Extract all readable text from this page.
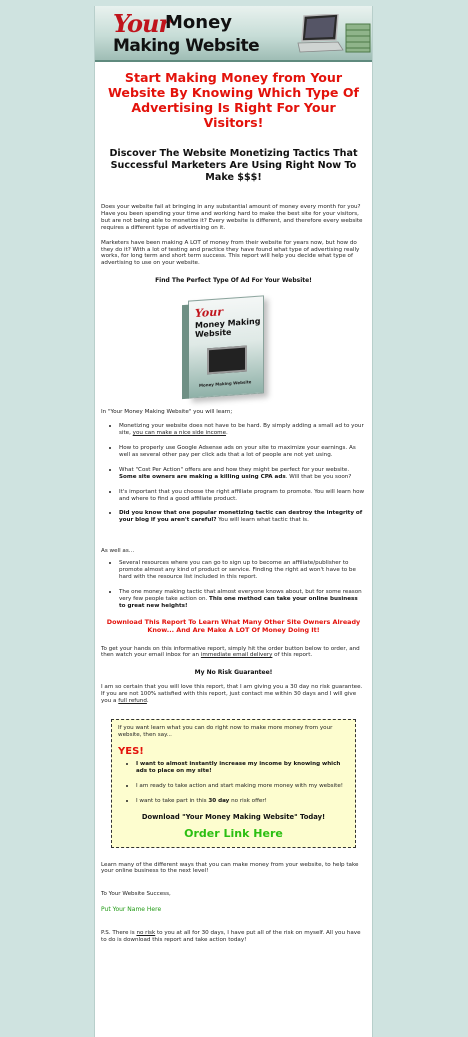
Your
Money
Making Website
Start Making Money from Your Website By Knowing Which Type Of Advertising Is Right For Your Visitors!
Discover The Website Monetizing Tactics That Successful Marketers Are Using Right Now To Make $$$!

Does your website fail at bringing in any substantial amount of money every month for you? Have you been spending your time and working hard to make the best site for your visitors, but are not being able to monetize it? Every website is different, and therefore every website requires a different type of advertising on it.

Marketers have been making A LOT of money from their website for years now, but how do they do it? With a lot of testing and practice they have found what type of advertising really works, for long term and short term success. This report will help you decide what type of advertising to use on your website.

Find The Perfect Type Of Ad For Your Website!
Your
Money Making Website
Money Making Website

In "Your Money Making Website" you will learn;

• Monetizing your website does not have to be hard. By simply adding a small ad to your site, you can make a nice side income.
• How to properly use Google Adsense ads on your site to maximize your earnings. As well as several other pay per click ads that a lot of people are not yet using.
• What "Cost Per Action" offers are and how they might be perfect for your website. Some site owners are making a killing using CPA ads. Will that be you soon?
• It's important that you choose the right affiliate program to promote. You will learn how and where to find a good affiliate product.
• Did you know that one popular monetizing tactic can destroy the integrity of your blog if you aren't careful? You will learn what tactic that is.

As well as...

• Several resources where you can go to sign up to become an affiliate/publisher to promote almost any kind of product or service. Finding the right ad won't have to be hard with the resource list included in this report.
• The one money making tactic that almost everyone knows about, but for some reason very few people take action on. This one method can take your online business to great new heights!
Download This Report To Learn What Many Other Site Owners Already Know... And Are Make A LOT Of Money Doing It!

To get your hands on this informative report, simply hit the order button below to order, and then watch your email inbox for an immediate email delivery of this report.

My No Risk Guarantee!

I am so certain that you will love this report, that I am giving you a 30 day no risk guarantee. If you are not 100% satisfied with this report, just contact me within 30 days and I will give you a full refund.

If you want learn what you can do right now to make more money from your website, then say...

YES!
• I want to almost instantly increase my income by knowing which ads to place on my site!
• I am ready to take action and start making more money with my website!
• I want to take part in this 30 day no risk offer!
Download "Your Money Making Website" Today!
Order Link Here

Learn many of the different ways that you can make money from your website, to help take your online business to the next level!

To Your Website Success,

Put Your Name Here

P.S. There is no risk to you at all for 30 days, I have put all of the risk on myself. All you have to do is download this report and take action today!
